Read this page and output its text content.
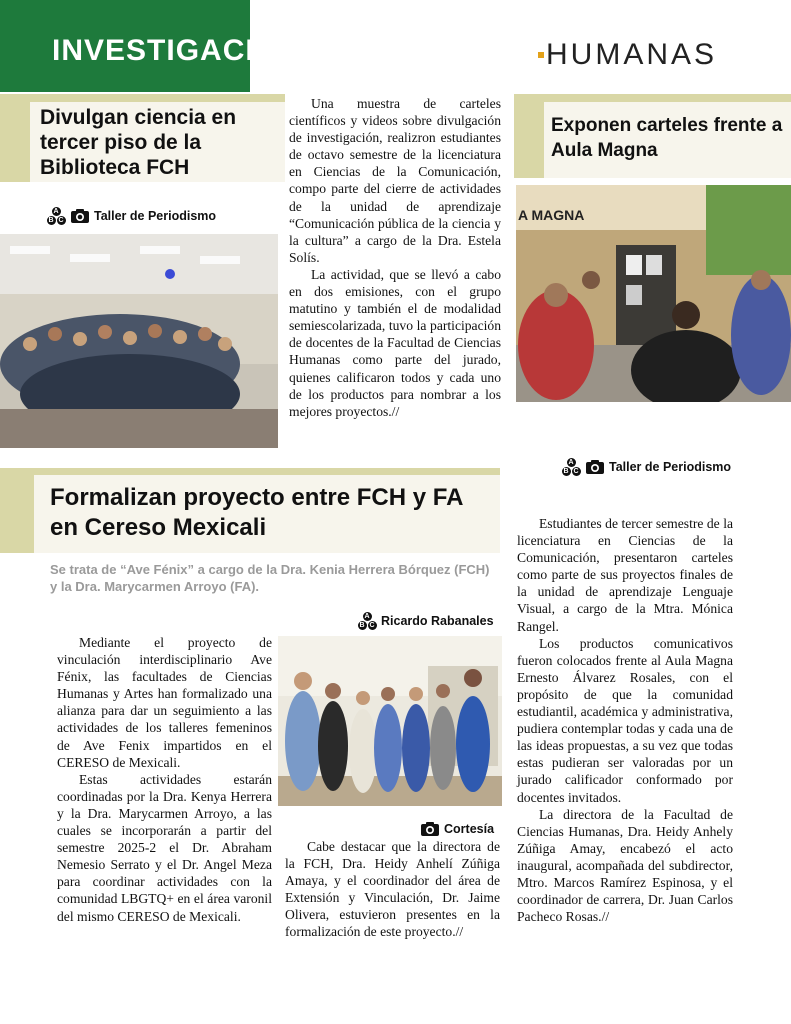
INVESTIGACIÓN	HUMANAS
Divulgan ciencia en tercer piso de la Biblioteca FCH
A
B C Taller de Periodismo

Una muestra de carteles científicos y videos sobre divulgación de investigación, realizron estudiantes de octavo semestre de la licenciatura en Ciencias de la Comunicación, compo parte del cierre de actividades de la unidad de aprendizaje “Comunicación pública de la ciencia y la cultura” a cargo de la Dra. Estela Solís.

La actividad, que se llevó a cabo en dos emisiones, con el grupo matutino y también el de modalidad semiescolarizada, tuvo la participación de docentes de la Facultad de Ciencias Humanas como parte del jurado, quienes calificaron todos y cada uno de los productos para nombrar a los mejores proyectos.//

Exponen carteles frente a Aula Magna
A MAGNA
A
B C Taller de Periodismo
Formalizan proyecto entre FCH y FA en Cereso Mexicali
Se trata de “Ave Fénix” a cargo de la Dra. Kenia Herrera Bórquez (FCH) y la Dra. Marycarmen Arroyo (FA).
A
B C Ricardo Rabanales
Cortesía

Mediante el proyecto de vinculación interdisciplinario Ave Fénix, las facultades de Ciencias Humanas y Artes han formalizado una alianza para dar un seguimiento a las actividades de los talleres femeninos de Ave Fenix impartidos en el CERESO de Mexicali.

Estas actividades estarán coordinadas por la Dra. Kenya Herrera y la Dra. Marycarmen Arroyo, a las cuales se incorporarán a partir del semestre 2025-2 el Dr. Abraham Nemesio Serrato y el Dr. Angel Meza para coordinar actividades con la comunidad LBGTQ+ en el área varonil del mismo CERESO de Mexicali.

Cabe destacar que la directora de la FCH, Dra. Heidy Anhelí Zúñiga Amaya, y el coordinador del área de Extensión y Vinculación, Dr. Jaime Olivera, estuvieron presentes en la formalización de este proyecto.//

Estudiantes de tercer semestre de la licenciatura en Ciencias de la Comunicación, presentaron carteles como parte de sus proyectos finales de la unidad de aprendizaje Lenguaje Visual, a cargo de la Mtra. Mónica Rangel.

Los productos comunicativos fueron colocados frente al Aula Magna Ernesto Álvarez Rosales, con el propósito de que la comunidad estudiantil, académica y administrativa, pudiera contemplar todas y cada una de las ideas propuestas, a su vez que todas estas pudieran ser valoradas por un jurado calificador conformado por docentes invitados.

La directora de la Facultad de Ciencias Humanas, Dra. Heidy Anhely Zúñiga Amay, encabezó el acto inaugural, acompañada del subdirector, Mtro. Marcos Ramírez Espinosa, y el coordinador de carrera, Dr. Juan Carlos Pacheco Rosas.//
